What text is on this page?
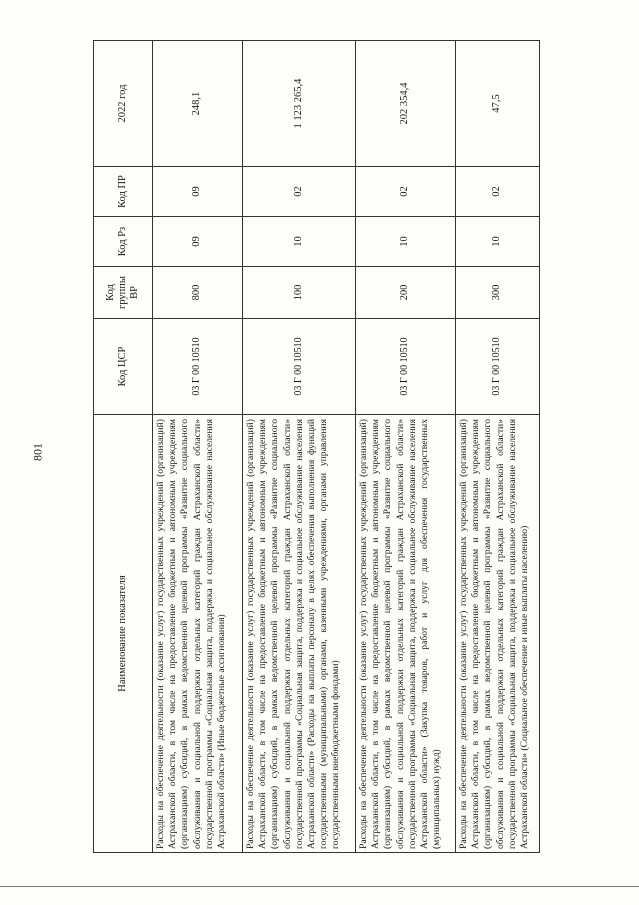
801
Наименование показателя	Код ЦСР	Код группы ВР	Код Рз	Код ПР	2022 год
Расходы на обеспечение деятельности (оказание услуг) государственных учреждений (организаций) Астраханской области, в том числе на предоставление бюджетным и автономным учреждениям (организациям) субсидий, в рамках ведомственной целевой программы «Развитие социального обслуживания и социальной поддержки отдельных категорий граждан Астраханской области» государственной программы «Социальная защита, поддержка и социальное обслуживание населения Астраханской области» (Иные бюджетные ассигнования)	03 Г 00 10510	800	09	09	248,1
Расходы на обеспечение деятельности (оказание услуг) государственных учреждений (организаций) Астраханской области, в том числе на предоставление бюджетным и автономным учреждениям (организациям) субсидий, в рамках ведомственной целевой программы «Развитие социального обслуживания и социальной поддержки отдельных категорий граждан Астраханской области» государственной программы «Социальная защита, поддержка и социальное обслуживание населения Астраханской области» (Расходы на выплаты персоналу в целях обеспечения выполнения функций государственными (муниципальными) органами, казенными учреждениями, органами управления государственными внебюджетными фондами)	03 Г 00 10510	100	10	02	1 123 265,4
Расходы на обеспечение деятельности (оказание услуг) государственных учреждений (организаций) Астраханской области, в том числе на предоставление бюджетным и автономным учреждениям (организациям) субсидий, в рамках ведомственной целевой программы «Развитие социального обслуживания и социальной поддержки отдельных категорий граждан Астраханской области» государственной программы «Социальная защита, поддержка и социальное обслуживание населения Астраханской области» (Закупка товаров, работ и услуг для обеспечения государственных (муниципальных) нужд)	03 Г 00 10510	200	10	02	202 354,4
Расходы на обеспечение деятельности (оказание услуг) государственных учреждений (организаций) Астраханской области, в том числе на предоставление бюджетным и автономным учреждениям (организациям) субсидий, в рамках ведомственной целевой программы «Развитие социального обслуживания и социальной поддержки отдельных категорий граждан Астраханской области» государственной программы «Социальная защита, поддержка и социальное обслуживание населения Астраханской области» (Социальное обеспечение и иные выплаты населению)	03 Г 00 10510	300	10	02	47,5
